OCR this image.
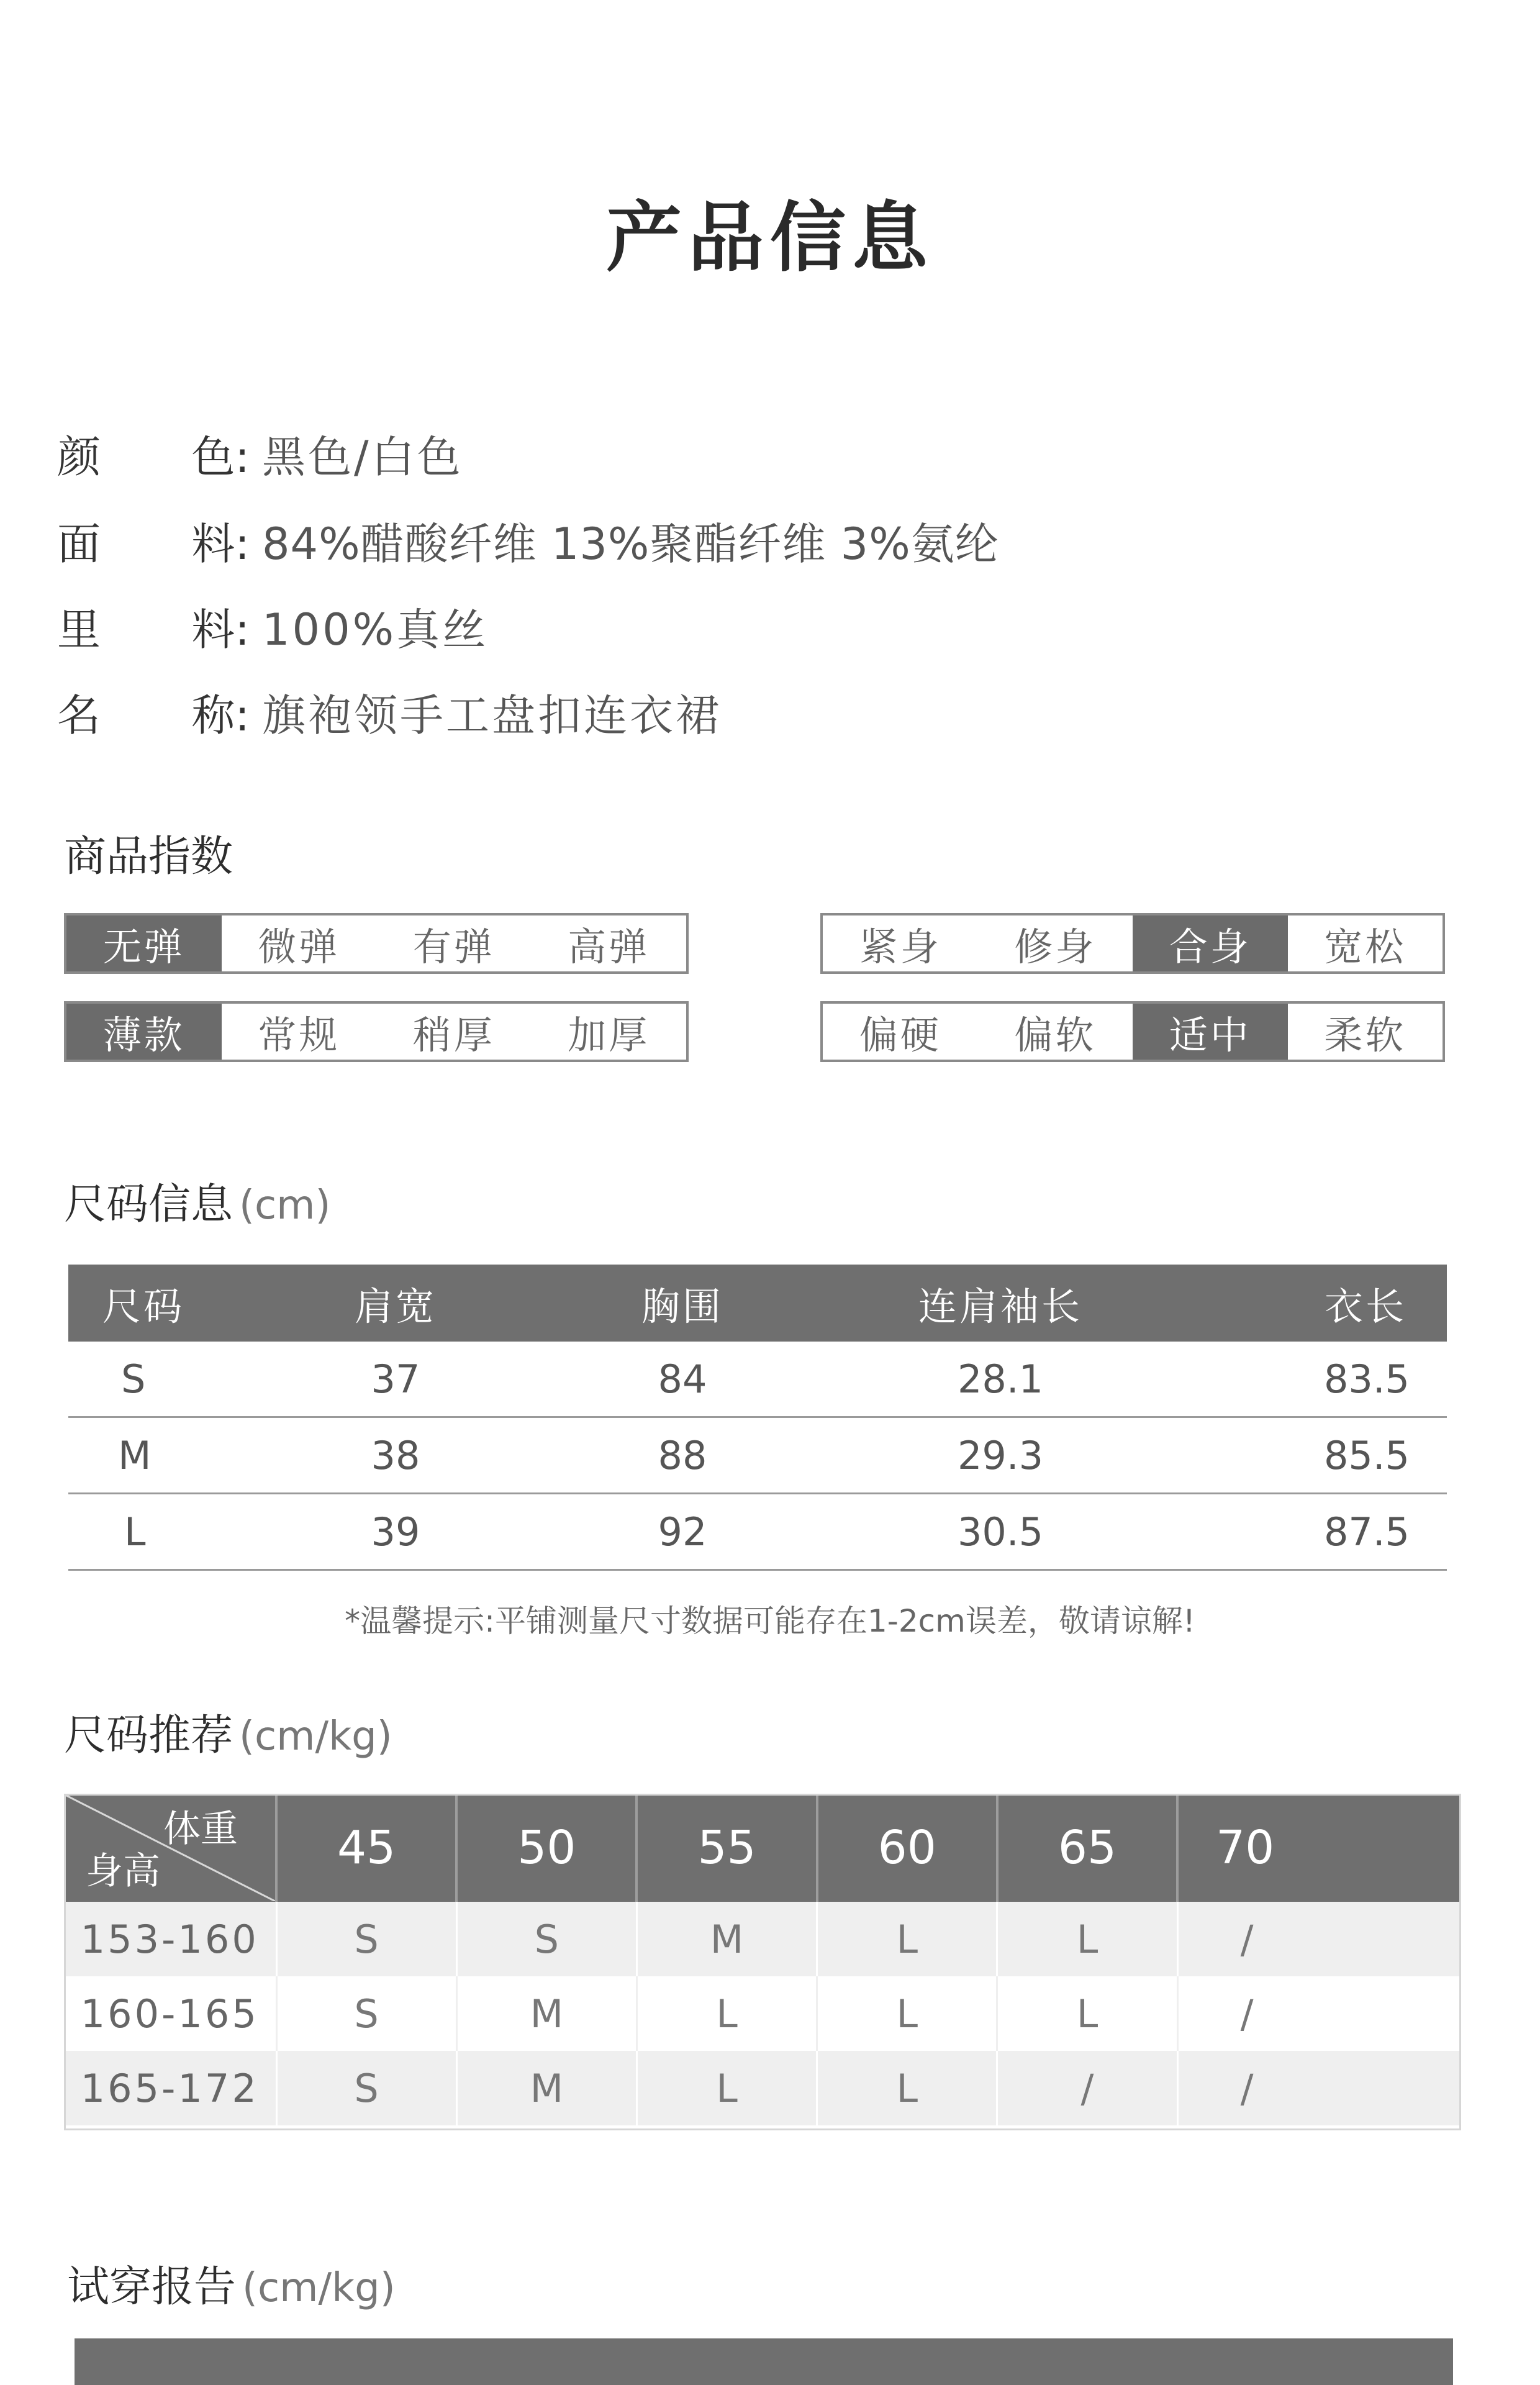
产品信息
颜 色: 黑色/白色
面 料: 84%醋酸纤维 13%聚酯纤维 3%氨纶
里 料: 100%真丝
名 称: 旗袍领手工盘扣连衣裙
商品指数
无弹	微弹	有弹	高弹	紧身	修身	合身	宽松
薄款	常规	稍厚	加厚	偏硬	偏软	适中	柔软
尺码信息 (cm)
尺码	肩宽	胸围	连肩袖长	衣长
S	37	84	28.1	83.5
M	38	88	29.3	85.5
L	39	92	30.5	87.5
*温馨提示:平铺测量尺寸数据可能存在1-2cm误差，敬请谅解!
尺码推荐 (cm/kg)
体重
身高	45	50	55	60	65	70
153-160	S	S	M	L	L	/
160-165	S	M	L	L	L	/
165-172	S	M	L	L	/	/
试穿报告 (cm/kg)
